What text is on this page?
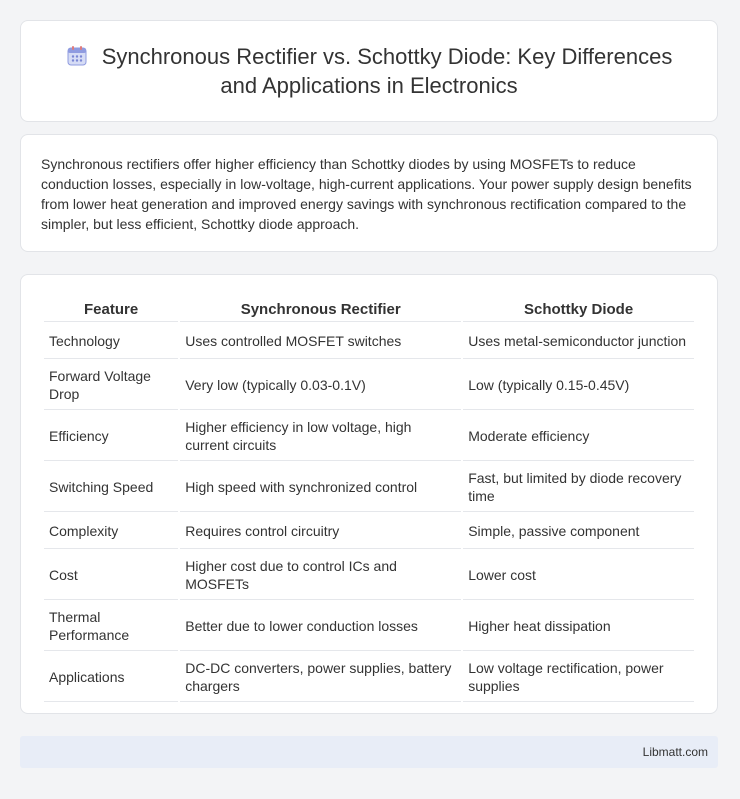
Synchronous Rectifier vs. Schottky Diode: Key Differences and Applications in Electronics

Synchronous rectifiers offer higher efficiency than Schottky diodes by using MOSFETs to reduce conduction losses, especially in low-voltage, high-current applications. Your power supply design benefits from lower heat generation and improved energy savings with synchronous rectification compared to the simpler, but less efficient, Schottky diode approach.

Feature	Synchronous Rectifier	Schottky Diode
Technology	Uses controlled MOSFET switches	Uses metal-semiconductor junction
Forward Voltage Drop	Very low (typically 0.03-0.1V)	Low (typically 0.15-0.45V)
Efficiency	Higher efficiency in low voltage, high current circuits	Moderate efficiency
Switching Speed	High speed with synchronized control	Fast, but limited by diode recovery time
Complexity	Requires control circuitry	Simple, passive component
Cost	Higher cost due to control ICs and MOSFETs	Lower cost
Thermal Performance	Better due to lower conduction losses	Higher heat dissipation
Applications	DC-DC converters, power supplies, battery chargers	Low voltage rectification, power supplies
Libmatt.com
